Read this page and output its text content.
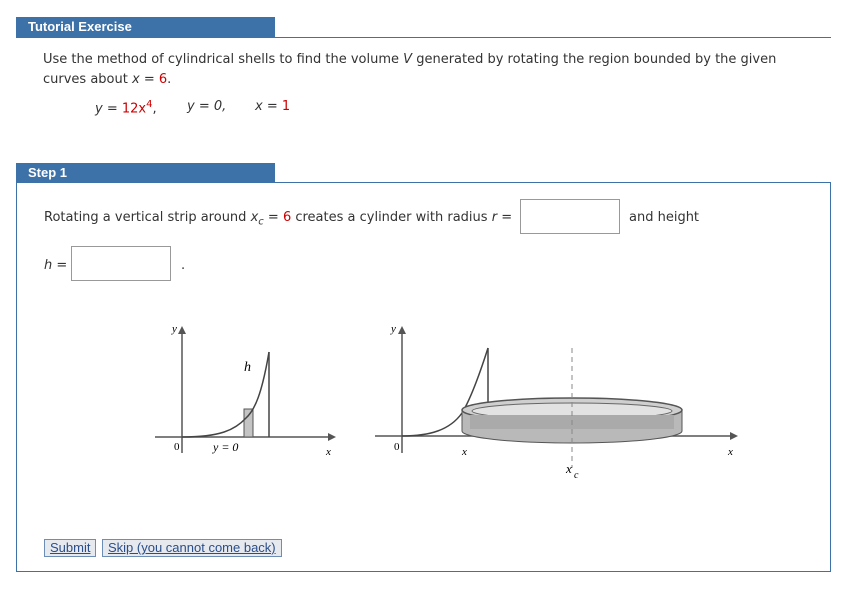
Tutorial Exercise
Use the method of cylindrical shells to find the volume V generated by rotating the region bounded by the given
curves about x = 6.
$y = 12x^4$, y = 0, x = 1
Step 1
Rotating a vertical strip around $x_c = 6$ creates a cylinder with radius r =	and height
h =	.
y
0
h
y = 0	x
y
0	x	x
x c
Submit	Skip (you cannot come back)
